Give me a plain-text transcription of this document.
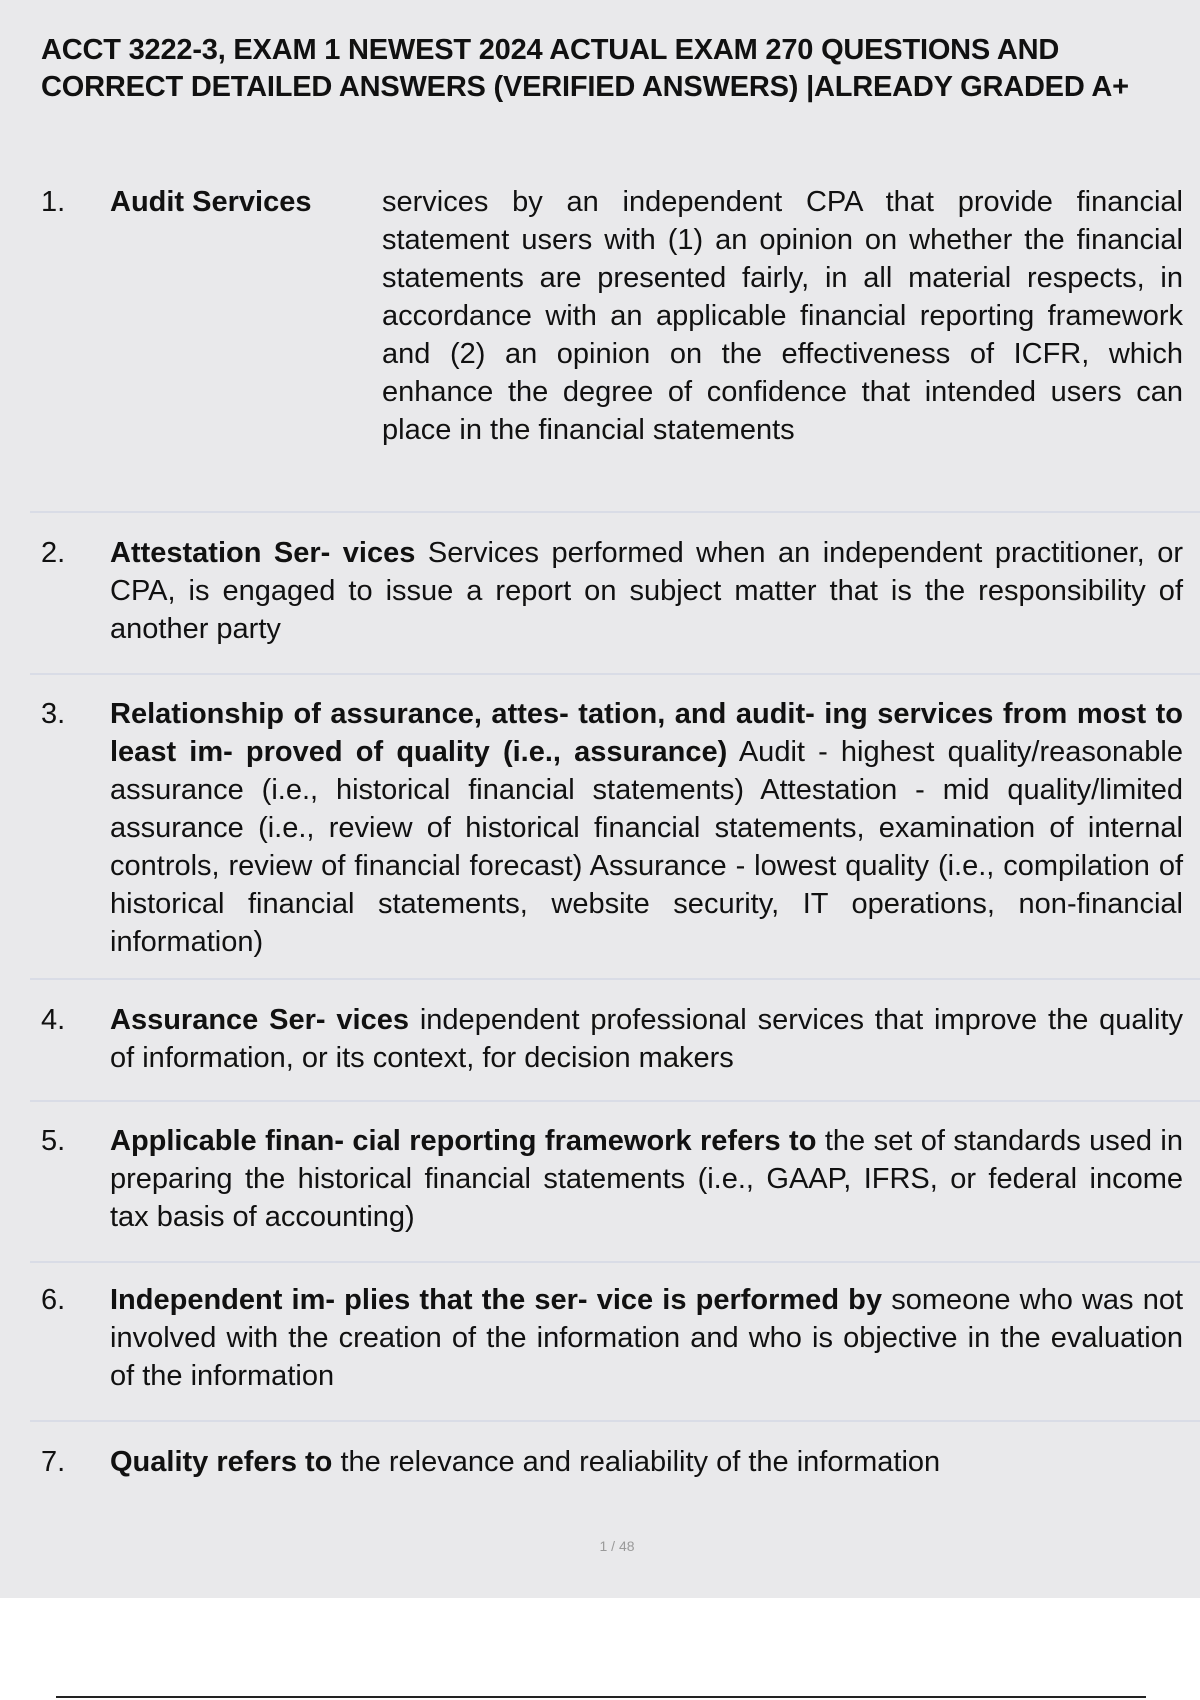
ACCT 3222-3, EXAM 1 NEWEST 2024 ACTUAL EXAM 270 QUESTIONS AND CORRECT DETAILED ANSWERS (VERIFIED ANSWERS) |ALREADY GRADED A+
1. Audit Services services by an independent CPA that provide financial statement users with (1) an opinion on whether the financial statements are presented fairly, in all material respects, in accordance with an applicable financial reporting framework and (2) an opinion on the effectiveness of ICFR, which enhance the degree of confidence that intended users can place in the financial statements

2. Attestation Ser- vices Services performed when an independent practitioner, or CPA, is engaged to issue a report on subject matter that is the responsibility of another party

3. Relationship of assurance, attes- tation, and audit- ing services from most to least im- proved of quality (i.e., assurance) Audit - highest quality/reasonable assurance (i.e., historical financial statements) Attestation - mid quality/limited assurance (i.e., review of historical financial statements, examination of internal controls, review of financial forecast) Assurance - lowest quality (i.e., compilation of historical financial statements, website security, IT operations, non-financial information)

4. Assurance Ser- vices independent professional services that improve the quality of information, or its context, for decision makers

5. Applicable finan- cial reporting framework refers to the set of standards used in preparing the historical financial statements (i.e., GAAP, IFRS, or federal income tax basis of accounting)

6. Independent im- plies that the ser- vice is performed by someone who was not involved with the creation of the information and who is objective in the evaluation of the information

7. Quality refers to the relevance and realiability of the information

1 / 48
